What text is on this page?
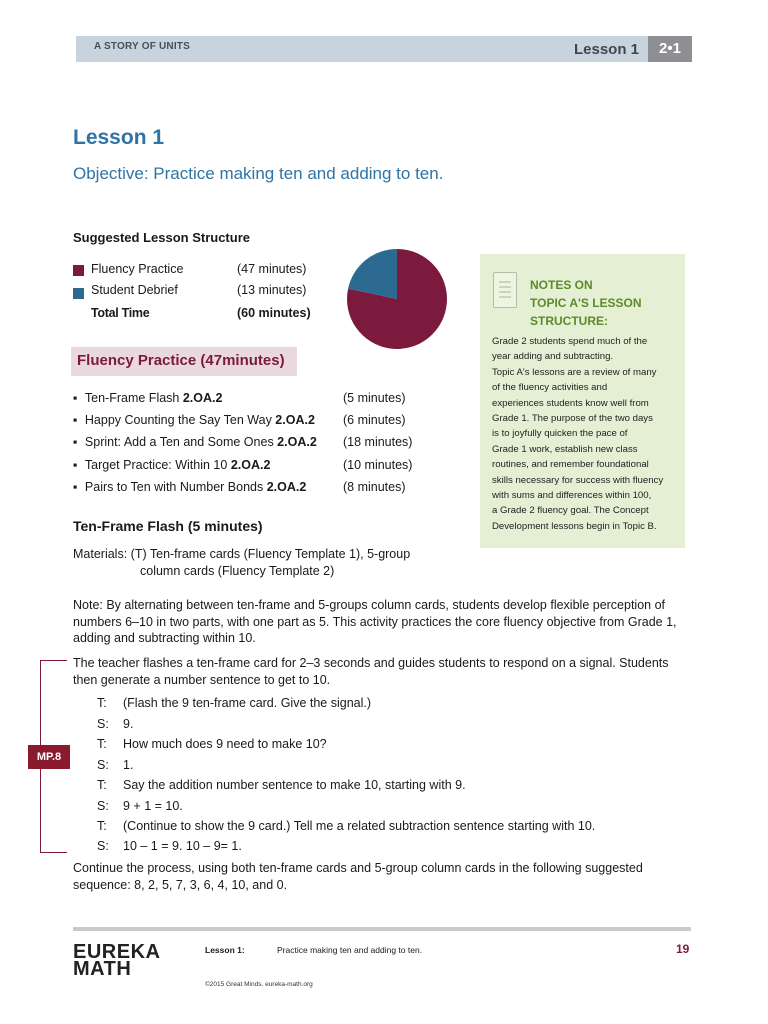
A STORY OF UNITS	Lesson 1	2•1
Lesson 1
Objective: Practice making ten and adding to ten.
Suggested Lesson Structure
Fluency Practice	(47 minutes)
Student Debrief	(13 minutes)
Total Time	(60 minutes)
NOTES ON
TOPIC A'S LESSON
STRUCTURE:
Grade 2 students spend much of the
year adding and subtracting.
Topic A's lessons are a review of many
of the fluency activities and
experiences students know well from
Grade 1. The purpose of the two days
is to joyfully quicken the pace of
Grade 1 work, establish new class
routines, and remember foundational
skills necessary for success with fluency
with sums and differences within 100,
a Grade 2 fluency goal. The Concept
Development lessons begin in Topic B.
Fluency Practice (47minutes)
▪ Ten-Frame Flash 2.OA.2	(5 minutes)
▪ Happy Counting the Say Ten Way 2.OA.2 (6 minutes)
▪ Sprint: Add a Ten and Some Ones 2.OA.2 (18 minutes)
▪ Target Practice: Within 10 2.OA.2	(10 minutes)
▪ Pairs to Ten with Number Bonds 2.OA.2	(8 minutes)
Ten-Frame Flash (5 minutes)
Materials: (T) Ten-frame cards (Fluency Template 1), 5-group
column cards (Fluency Template 2)
Note: By alternating between ten-frame and 5-groups column cards, students develop flexible perception of numbers 6–10 in two parts, with one part as 5. This activity practices the core fluency objective from Grade 1, adding and subtracting within 10.
The teacher flashes a ten-frame card for 2–3 seconds and guides students to respond on a signal. Students then generate a number sentence to get to 10.
T: (Flash the 9 ten-frame card. Give the signal.)
S: 9.
T: How much does 9 need to make 10?
S: 1.
T: Say the addition number sentence to make 10, starting with 9.
S: 9 + 1 = 10.
T: (Continue to show the 9 card.) Tell me a related subtraction sentence starting with 10.
S: 10 – 1 = 9. 10 – 9= 1.
Continue the process, using both ten-frame cards and 5-group column cards in the following suggested sequence: 8, 2, 5, 7, 3, 6, 4, 10, and 0.
MP.8
EUREKA
MATH
Lesson 1:	Practice making ten and adding to ten.	19
©2015 Great Minds. eureka-math.org
